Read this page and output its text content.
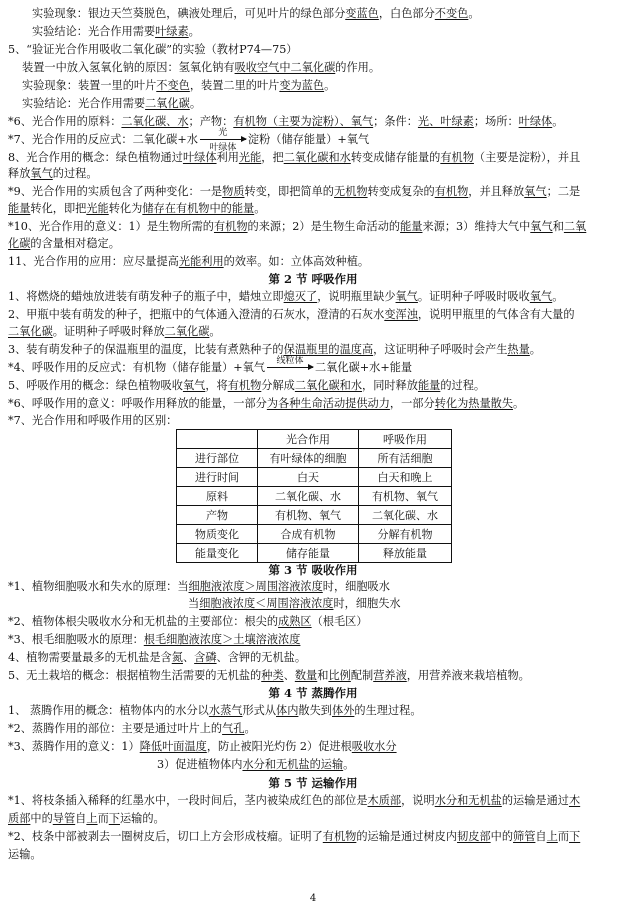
实验现象：银边天竺葵脱色，碘液处理后，可见叶片的绿色部分变蓝色，白色部分不变色。
实验结论：光合作用需要叶绿素。
5、“验证光合作用吸收二氧化碳”的实验（教材P74—75）
装置一中放入氢氧化钠的原因：氢氧化钠有吸收空气中二氧化碳的作用。
实验现象：装置一里的叶片不变色，装置二里的叶片变为蓝色。
实验结论：光合作用需要二氧化碳。
*6、光合作用的原料：二氧化碳、水；产物：有机物（主要为淀粉）、氧气；条件：光、叶绿素；场所：叶绿体。
*7、光合作用的反应式：二氧化碳+水	光
叶绿体
淀粉（储存能量）+氧气
8、光合作用的概念：绿色植物通过叶绿体利用光能，把二氧化碳和水转变成储存能量的有机物（主要是淀粉），并且
释放氧气的过程。
*9、光合作用的实质包含了两种变化：一是物质转变，即把简单的无机物转变成复杂的有机物，并且释放氧气；二是
能量转化，即把光能转化为储存在有机物中的能量。
*10、光合作用的意义：1）是生物所需的有机物的来源；2）是生物生命活动的能量来源；3）维持大气中氧气和二氧
化碳的含量相对稳定。
11、光合作用的应用：应尽量提高光能利用的效率。如：立体高效种植。
第 2 节 呼吸作用
1、将燃烧的蜡烛放进装有萌发种子的瓶子中，蜡烛立即熄灭了，说明瓶里缺少氧气。证明种子呼吸时吸收氧气。
2、甲瓶中装有萌发的种子，把瓶中的气体通入澄清的石灰水，澄清的石灰水变浑浊，说明甲瓶里的气体含有大量的
二氧化碳。证明种子呼吸时释放二氧化碳。
3、装有萌发种子的保温瓶里的温度，比装有煮熟种子的保温瓶里的温度高，这证明种子呼吸时会产生热量。
*4、呼吸作用的反应式：有机物（储存能量）+氧气	线粒体	二氧化碳+水+能量
5、呼吸作用的概念：绿色植物吸收氧气，将有机物分解成二氧化碳和水，同时释放能量的过程。
*6、呼吸作用的意义：呼吸作用释放的能量，一部分为各种生命活动提供动力，一部分转化为热量散失。
*7、光合作用和呼吸作用的区别：
	光合作用	呼吸作用
进行部位	有叶绿体的细胞	所有活细胞
进行时间	白天	白天和晚上
原料	二氧化碳、水	有机物、氧气
产物	有机物、氧气	二氧化碳、水
物质变化	合成有机物	分解有机物
能量变化	储存能量	释放能量
第 3 节 吸收作用
*1、植物细胞吸水和失水的原理：当细胞液浓度＞周围溶液浓度时，细胞吸水
当细胞液浓度＜周围溶液浓度时，细胞失水
*2、植物体根尖吸收水分和无机盐的主要部位：根尖的成熟区（根毛区）
*3、根毛细胞吸水的原理：根毛细胞液浓度＞土壤溶液浓度
4、植物需要量最多的无机盐是含氮、含磷、含钾的无机盐。
5、无土栽培的概念：根据植物生活需要的无机盐的种类、数量和比例配制营养液，用营养液来栽培植物。
第 4 节 蒸腾作用
1、 蒸腾作用的概念：植物体内的水分以水蒸气形式从体内散失到体外的生理过程。
*2、蒸腾作用的部位：主要是通过叶片上的气孔。
*3、蒸腾作用的意义：1）降低叶面温度，防止被阳光灼伤 2）促进根吸收水分
3）促进植物体内水分和无机盐的运输。
第 5 节 运输作用
*1、将枝条插入稀释的红墨水中，一段时间后，茎内被染成红色的部位是木质部，说明水分和无机盐的运输是通过木
质部中的导管自上而下运输的。
*2、枝条中部被剥去一圈树皮后，切口上方会形成枝瘤。证明了有机物的运输是通过树皮内韧皮部中的筛管自上而下
运输。
4
